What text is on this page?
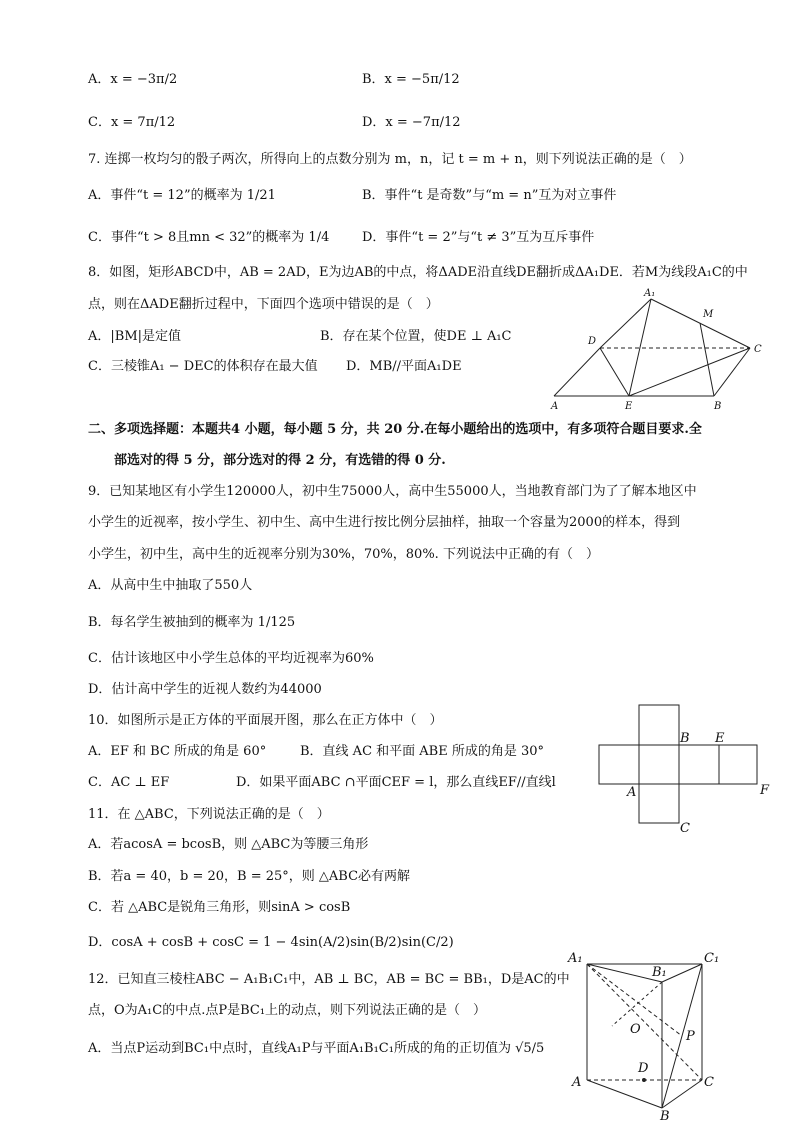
A．x = −3π/2	B．x = −5π/12
C．x = 7π/12	D．x = −7π/12
7. 连掷一枚均匀的骰子两次，所得向上的点数分别为 m，n，记 t = m + n，则下列说法正确的是（　）
A．事件“t = 12”的概率为 1/21	B．事件“t 是奇数”与“m = n”互为对立事件
C．事件“t > 8且mn < 32”的概率为 1/4	D．事件“t = 2”与“t ≠ 3”互为互斥事件
8．如图，矩形ABCD中，AB = 2AD，E为边AB的中点，将ΔADE沿直线DE翻折成ΔA₁DE．若M为线段A₁C的中
点，则在ΔADE翻折过程中，下面四个选项中错误的是（　）
A．|BM|是定值	B．存在某个位置，使DE ⊥ A₁C
C．三棱锥A₁ − DEC的体积存在最大值 D．MB//平面A₁DE
A₁
M
D
C
A	E	B
二、多项选择题：本题共4 小题，每小题 5 分，共 20 分.在每小题给出的选项中，有多项符合题目要求.全
部选对的得 5 分，部分选对的得 2 分，有选错的得 0 分.
9．已知某地区有小学生120000人，初中生75000人，高中生55000人，当地教育部门为了了解本地区中
小学生的近视率，按小学生、初中生、高中生进行按比例分层抽样，抽取一个容量为2000的样本，得到
小学生，初中生，高中生的近视率分别为30%，70%，80%. 下列说法中正确的有（　）
A．从高中生中抽取了550人
B．每名学生被抽到的概率为 1/125
C．估计该地区中小学生总体的平均近视率为60%
D．估计高中学生的近视人数约为44000
10．如图所示是正方体的平面展开图，那么在正方体中（　）
A．EF 和 BC 所成的角是 60°	B．直线 AC 和平面 ABE 所成的角是 30°
C．AC ⊥ EF	D．如果平面ABC ∩平面CEF = l，那么直线EF//直线l
B E
A	F
C
11．在 △ABC，下列说法正确的是（　）
A．若acosA = bcosB，则 △ABC为等腰三角形
B．若a = 40，b = 20，B = 25°，则 △ABC必有两解
C．若 △ABC是锐角三角形，则sinA > cosB
D．cosA + cosB + cosC = 1 − 4sin(A/2)sin(B/2)sin(C/2)
12．已知直三棱柱ABC − A₁B₁C₁中，AB ⊥ BC，AB = BC = BB₁，D是AC的中
点，O为A₁C的中点.点P是BC₁上的动点，则下列说法正确的是（　）
A．当点P运动到BC₁中点时，直线A₁P与平面A₁B₁C₁所成的角的正切值为 √5/5
A₁
B₁
C₁
O	P
D
A	C
B
